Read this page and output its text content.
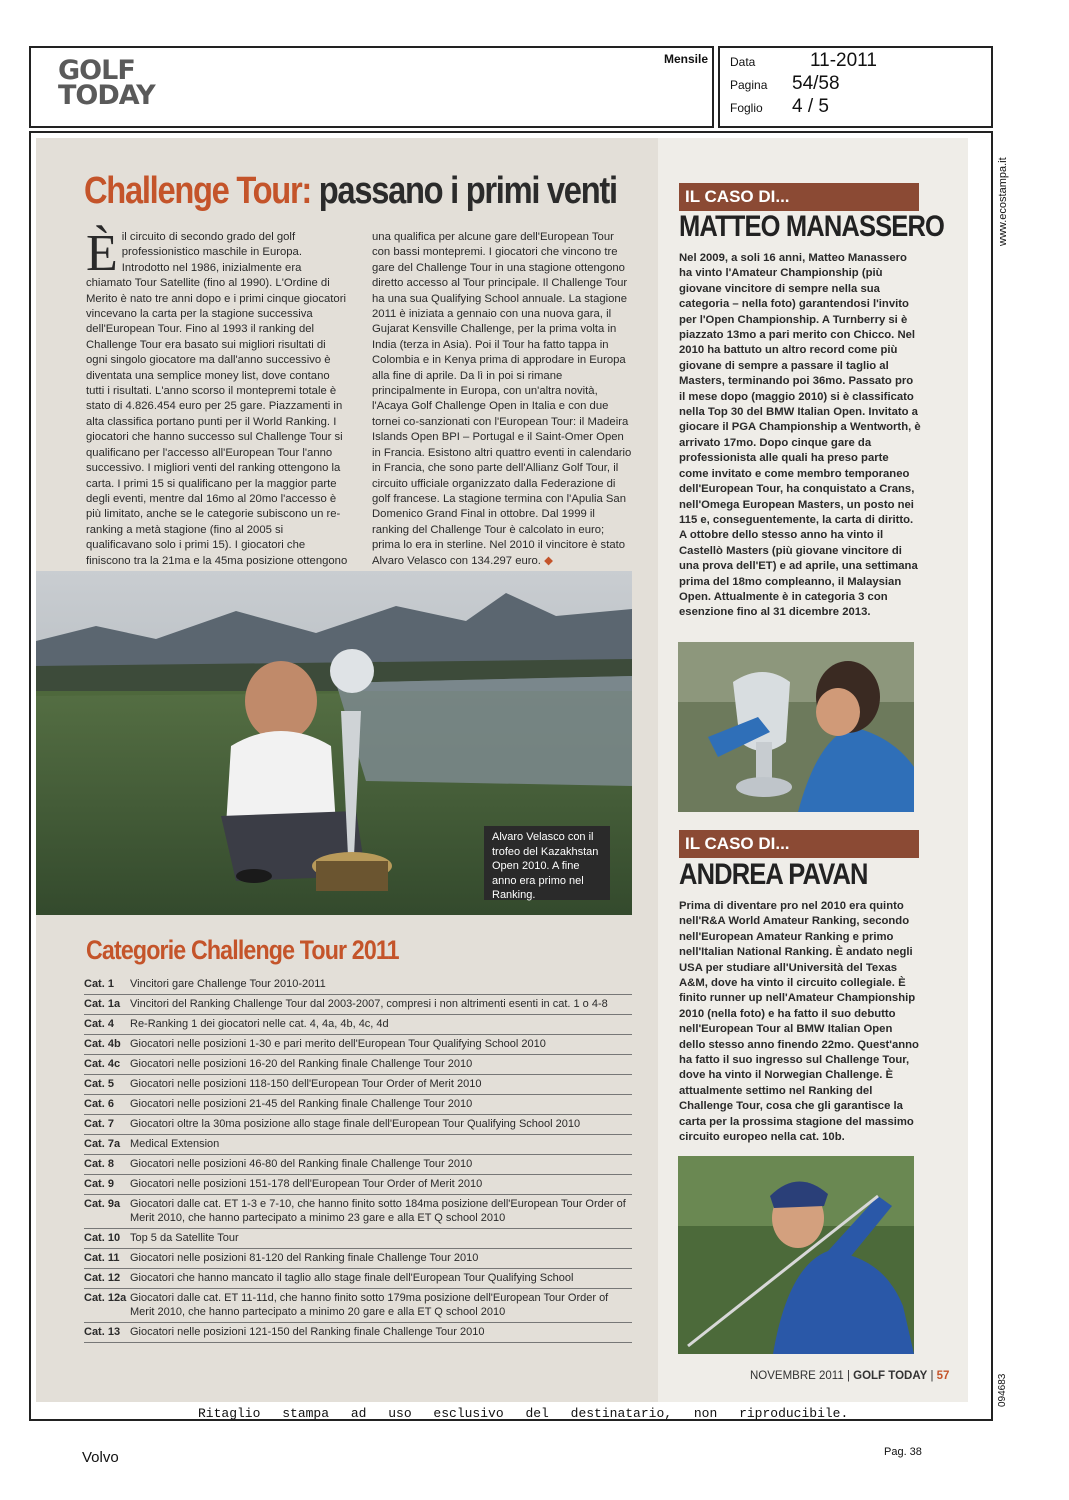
GOLF
TODAY
Mensile Data	11-2011
Pagina 54/58
Foglio 4 / 5
Challenge Tour: passano i primi venti
È il circuito di secondo grado del golf professionistico maschile in Europa. Introdotto nel 1986, inizialmente era chiamato Tour Satellite (fino al 1990). L'Ordine di Merito è nato tre anni dopo e i primi cinque giocatori vincevano la carta per la stagione successiva dell'European Tour. Fino al 1993 il ranking del Challenge Tour era basato sui migliori risultati di ogni singolo giocatore ma dall'anno successivo è diventata una semplice money list, dove contano tutti i risultati. L'anno scorso il montepremi totale è stato di 4.826.454 euro per 25 gare. Piazzamenti in alta classifica portano punti per il World Ranking. I giocatori che hanno successo sul Challenge Tour si qualificano per l'accesso all'European Tour l'anno successivo. I migliori venti del ranking ottengono la carta. I primi 15 si qualificano per la maggior parte degli eventi, mentre dal 16mo al 20mo l'accesso è più limitato, anche se le categorie subiscono un re-ranking a metà stagione (fino al 2005 si qualificavano solo i primi 15). I giocatori che finiscono tra la 21ma e la 45ma posizione ottengono
una qualifica per alcune gare dell'European Tour con bassi montepremi. I giocatori che vincono tre gare del Challenge Tour in una stagione ottengono diretto accesso al Tour principale. Il Challenge Tour ha una sua Qualifying School annuale. La stagione 2011 è iniziata a gennaio con una nuova gara, il Gujarat Kensville Challenge, per la prima volta in India (terza in Asia). Poi il Tour ha fatto tappa in Colombia e in Kenya prima di approdare in Europa alla fine di aprile. Da lì in poi si rimane principalmente in Europa, con un'altra novità, l'Acaya Golf Challenge Open in Italia e con due tornei co-sanzionati con l'European Tour: il Madeira Islands Open BPI – Portugal e il Saint-Omer Open in Francia. Esistono altri quattro eventi in calendario in Francia, che sono parte dell'Allianz Golf Tour, il circuito ufficiale organizzato dalla Federazione di golf francese. La stagione termina con l'Apulia San Domenico Grand Final in ottobre. Dal 1999 il ranking del Challenge Tour è calcolato in euro; prima lo era in sterline. Nel 2010 il vincitore è stato Alvaro Velasco con 134.297 euro. ◆
Alvaro Velasco con il trofeo del Kazakhstan Open 2010. A fine anno era primo nel Ranking.
Categorie Challenge Tour 2011
Cat. 1	Vincitori gare Challenge Tour 2010-2011
Cat. 1a Vincitori del Ranking Challenge Tour dal 2003-2007, compresi i non altrimenti esenti in cat. 1 o 4-8
Cat. 4	Re-Ranking 1 dei giocatori nelle cat. 4, 4a, 4b, 4c, 4d
Cat. 4b Giocatori nelle posizioni 1-30 e pari merito dell'European Tour Qualifying School 2010
Cat. 4c Giocatori nelle posizioni 16-20 del Ranking finale Challenge Tour 2010
Cat. 5	Giocatori nelle posizioni 118-150 dell'European Tour Order of Merit 2010
Cat. 6	Giocatori nelle posizioni 21-45 del Ranking finale Challenge Tour 2010
Cat. 7	Giocatori oltre la 30ma posizione allo stage finale dell'European Tour Qualifying School 2010
Cat. 7a Medical Extension
Cat. 8	Giocatori nelle posizioni 46-80 del Ranking finale Challenge Tour 2010
Cat. 9	Giocatori nelle posizioni 151-178 dell'European Tour Order of Merit 2010
Cat. 9a Giocatori dalle cat. ET 1-3 e 7-10, che hanno finito sotto 184ma posizione dell'European Tour Order of Merit 2010, che hanno partecipato a minimo 23 gare e alla ET Q school 2010
Cat. 10 Top 5 da Satellite Tour
Cat. 11 Giocatori nelle posizioni 81-120 del Ranking finale Challenge Tour 2010
Cat. 12 Giocatori che hanno mancato il taglio allo stage finale dell'European Tour Qualifying School
Cat. 12a Giocatori dalle cat. ET 11-11d, che hanno finito sotto 179ma posizione dell'European Tour Order of Merit 2010, che hanno partecipato a minimo 20 gare e alla ET Q school 2010
Cat. 13 Giocatori nelle posizioni 121-150 del Ranking finale Challenge Tour 2010
IL CASO DI...
MATTEO MANASSERO
Nel 2009, a soli 16 anni, Matteo Manassero ha vinto l'Amateur Championship (più giovane vincitore di sempre nella sua categoria – nella foto) garantendosi l'invito per l'Open Championship. A Turnberry si è piazzato 13mo a pari merito con Chicco. Nel 2010 ha battuto un altro record come più giovane di sempre a passare il taglio al Masters, terminando poi 36mo. Passato pro il mese dopo (maggio 2010) si è classificato nella Top 30 del BMW Italian Open. Invitato a giocare il PGA Championship a Wentworth, è arrivato 17mo. Dopo cinque gare da professionista alle quali ha preso parte come invitato e come membro temporaneo dell'European Tour, ha conquistato a Crans, nell'Omega European Masters, un posto nei 115 e, conseguentemente, la carta di diritto. A ottobre dello stesso anno ha vinto il Castellò Masters (più giovane vincitore di una prova dell'ET) e ad aprile, una settimana prima del 18mo compleanno, il Malaysian Open. Attualmente è in categoria 3 con esenzione fino al 31 dicembre 2013.
IL CASO DI...
ANDREA PAVAN
Prima di diventare pro nel 2010 era quinto nell'R&A World Amateur Ranking, secondo nell'European Amateur Ranking e primo nell'Italian National Ranking. È andato negli USA per studiare all'Università del Texas A&M, dove ha vinto il circuito collegiale. È finito runner up nell'Amateur Championship 2010 (nella foto) e ha fatto il suo debutto nell'European Tour al BMW Italian Open dello stesso anno finendo 22mo. Quest'anno ha fatto il suo ingresso sul Challenge Tour, dove ha vinto il Norwegian Challenge. È attualmente settimo nel Ranking del Challenge Tour, cosa che gli garantisce la carta per la prossima stagione del massimo circuito europeo nella cat. 10b.
NOVEMBRE 2011 | GOLF TODAY | 57
www.ecostampa.it
094683
Ritaglio stampa ad uso esclusivo del destinatario, non riproducibile.
Volvo	Pag. 38
